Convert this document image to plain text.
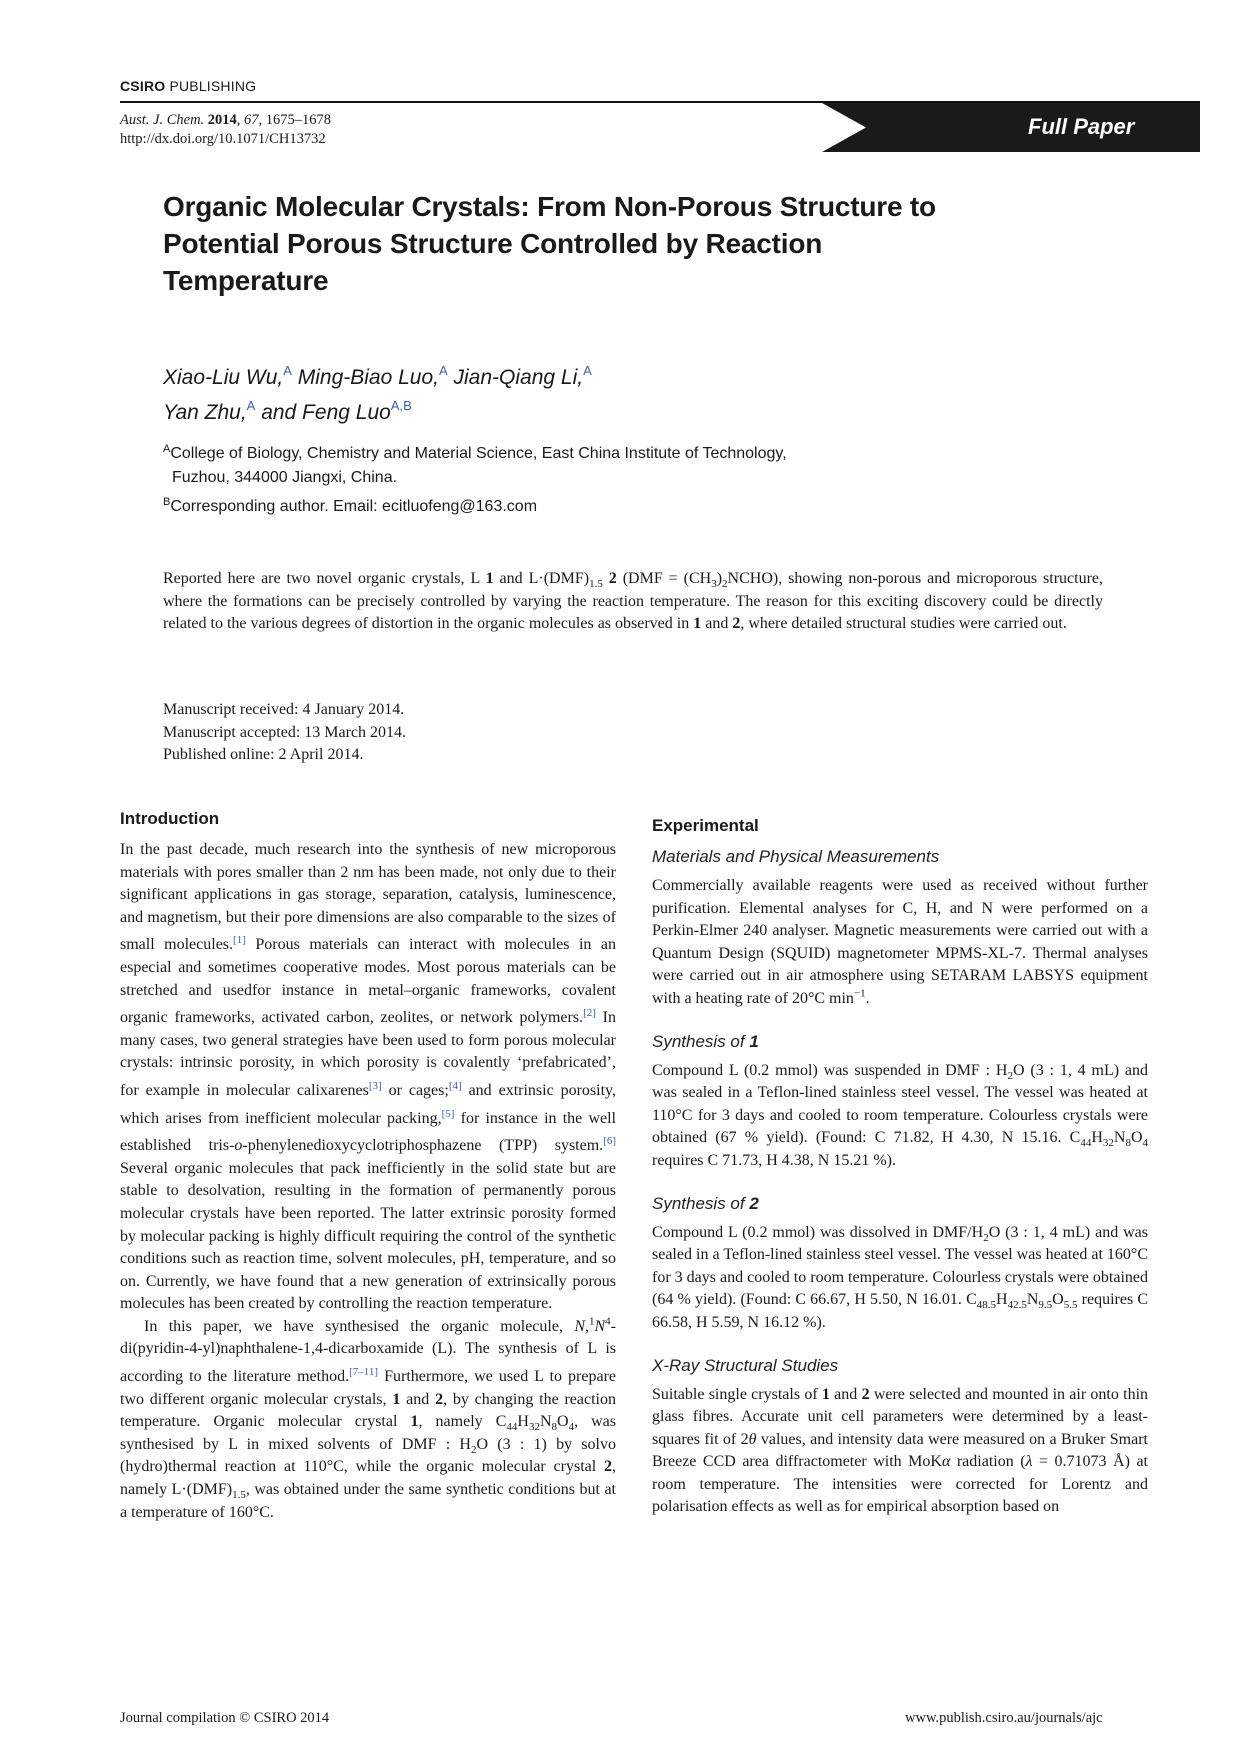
CSIRO PUBLISHING
Aust. J. Chem. 2014, 67, 1675–1678
http://dx.doi.org/10.1071/CH13732	Full Paper
Organic Molecular Crystals: From Non-Porous Structure to Potential Porous Structure Controlled by Reaction Temperature
Xiao-Liu Wu,$^A$ Ming-Biao Luo,$^A$ Jian-Qiang Li,$^A$
Yan Zhu,$^A$ and Feng Luo$^{A,B}$
$^A$College of Biology, Chemistry and Material Science, East China Institute of Technology,
Fuzhou, 344000 Jiangxi, China.
$^B$Corresponding author. Email: ecitluofeng@163.com
Reported here are two novel organic crystals, L 1 and $L\cdot(DMF)_{1.5}$ 2 $(DMF = (CH_3)_2NCHO)$, showing non-porous and microporous structure, where the formations can be precisely controlled by varying the reaction temperature. The reason for this exciting discovery could be directly related to the various degrees of distortion in the organic molecules as observed in 1 and 2, where detailed structural studies were carried out.
Manuscript received: 4 January 2014.
Manuscript accepted: 13 March 2014.
Published online: 2 April 2014.
Introduction

In the past decade, much research into the synthesis of new microporous materials with pores smaller than 2 nm has been made, not only due to their significant applications in gas storage, separation, catalysis, luminescence, and magnetism, but their pore dimensions are also comparable to the sizes of small molecules.[1] Porous materials can interact with molecules in an especial and sometimes cooperative modes. Most porous materials can be stretched and usedfor instance in metal–organic frameworks, covalent organic frameworks, activated carbon, zeolites, or network polymers.[2] In many cases, two general strategies have been used to form porous molecular crystals: intrinsic porosity, in which porosity is covalently ‘prefabricated’, for example in molecular calixarenes[3] or cages;[4] and extrinsic porosity, which arises from inefficient molecular packing,[5] for instance in the well established tris-o-phenylenedioxycyclotriphosphazene (TPP) system.[6] Several organic molecules that pack inefficiently in the solid state but are stable to desolvation, resulting in the formation of permanently porous molecular crystals have been reported. The latter extrinsic porosity formed by molecular packing is highly difficult requiring the control of the synthetic conditions such as reaction time, solvent molecules, pH, temperature, and so on. Currently, we have found that a new generation of extrinsically porous molecules has been created by controlling the reaction temperature.

In this paper, we have synthesised the organic molecule, $N,^1N^4-di(pyridin-4-yl)naphthalene-1,4$-dicarboxamide (L). The synthesis of L is according to the literature method.[7–11] Furthermore, we used L to prepare two different organic molecular crystals, 1 and 2, by changing the reaction temperature. Organic molecular crystal 1, namely $C_{44}H_{32}N_8O_4$, was synthesised by L in mixed solvents of DMF : $H_2O$ (3 : 1) by solvo (hydro)thermal reaction at 110°C, while the organic molecular crystal 2, namely $L\cdot(DMF)_{1.5}$, was obtained under the same synthetic conditions but at a temperature of 160°C.

Experimental
Materials and Physical Measurements

Commercially available reagents were used as received without further purification. Elemental analyses for C, H, and N were performed on a Perkin-Elmer 240 analyser. Magnetic measurements were carried out with a Quantum Design (SQUID) magnetometer MPMS-XL-7. Thermal analyses were carried out in air atmosphere using SETARAM LABSYS equipment with a heating rate of 20°C $\min^{-1}$.

Synthesis of 1

Compound L (0.2 mmol) was suspended in DMF : $H_2O$ (3 : 1, 4 mL) and was sealed in a Teflon-lined stainless steel vessel. The vessel was heated at 110°C for 3 days and cooled to room temperature. Colourless crystals were obtained (67 % yield). (Found: C 71.82, H 4.30, N 15.16. $C_{44}H_{32}N_8O_4$ requires C 71.73, H 4.38, N 15.21 %).

Synthesis of 2

Compound L (0.2 mmol) was dissolved in DMF/$H_2O$ (3 : 1, 4 mL) and was sealed in a Teflon-lined stainless steel vessel. The vessel was heated at 160°C for 3 days and cooled to room temperature. Colourless crystals were obtained (64 % yield). (Found: C 66.67, H 5.50, N 16.01. $C_{48.5}H_{42.5}N_{9.5}O_{5.5}$ requires C 66.58, H 5.59, N 16.12 %).

X-Ray Structural Studies

Suitable single crystals of 1 and 2 were selected and mounted in air onto thin glass fibres. Accurate unit cell parameters were determined by a least-squares fit of 2θ values, and intensity data were measured on a Bruker Smart Breeze CCD area diffractometer with MoKα radiation (λ = 0.71073 Å) at room temperature. The intensities were corrected for Lorentz and polarisation effects as well as for empirical absorption based on

Journal compilation © CSIRO 2014	www.publish.csiro.au/journals/ajc
